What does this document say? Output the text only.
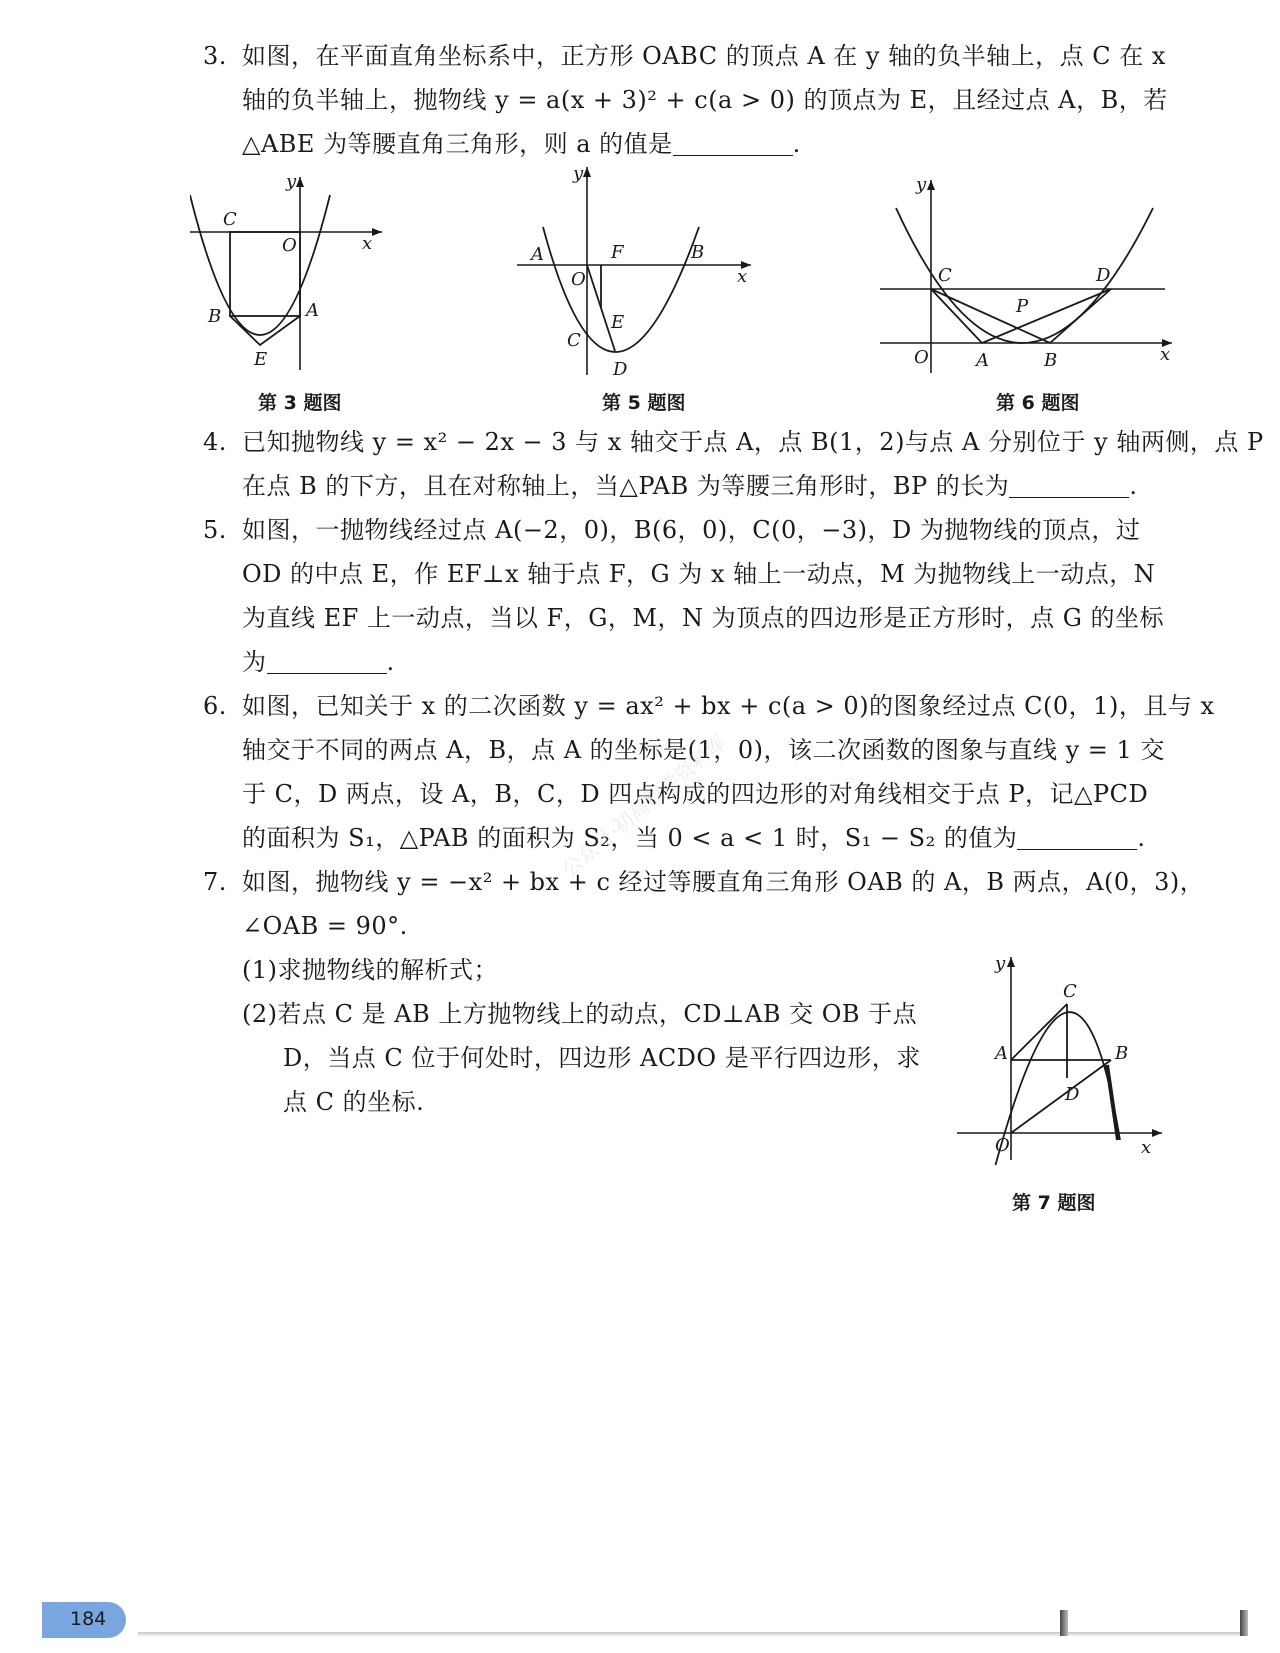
3. 如图，在平面直角坐标系中，正方形 OABC 的顶点 A 在 y 轴的负半轴上，点 C 在 x
轴的负半轴上，抛物线 y = a(x + 3)² + c(a > 0) 的顶点为 E，且经过点 A，B，若
△ABE 为等腰直角三角形，则 a 的值是	.
y
x
C
O
B	A
E
第 3 题图
y
x
A	F	B
O
E
C
D
第 5 题图
y
x
C	D
P
O	A	B
第 6 题图
4. 已知抛物线 y = x² − 2x − 3 与 x 轴交于点 A，点 B(1，2)与点 A 分别位于 y 轴两侧，点 P
在点 B 的下方，且在对称轴上，当△PAB 为等腰三角形时，BP 的长为	.
5. 如图，一抛物线经过点 A(−2，0)，B(6，0)，C(0，−3)，D 为抛物线的顶点，过
OD 的中点 E，作 EF⊥x 轴于点 F，G 为 x 轴上一动点，M 为抛物线上一动点，N
为直线 EF 上一动点，当以 F，G，M，N 为顶点的四边形是正方形时，点 G 的坐标
为	.
6. 如图，已知关于 x 的二次函数 y = ax² + bx + c(a > 0)的图象经过点 C(0，1)，且与 x
轴交于不同的两点 A，B，点 A 的坐标是(1，0)，该二次函数的图象与直线 y = 1 交
于 C，D 两点，设 A，B，C，D 四点构成的四边形的对角线相交于点 P，记△PCD
的面积为 S₁，△PAB 的面积为 S₂，当 0 < a < 1 时，S₁ − S₂ 的值为	.
7. 如图，抛物线 y = −x² + bx + c 经过等腰直角三角形 OAB 的 A，B 两点，A(0，3)，
∠OAB = 90°.
(1)求抛物线的解析式；
(2)若点 C 是 AB 上方抛物线上的动点，CD⊥AB 交 OB 于点
D，当点 C 位于何处时，四边形 ACDO 是平行四边形，求
点 C 的坐标.
y
x
C
A	B
D
O
第 7 题图
公众号·初高数学资料库
184
